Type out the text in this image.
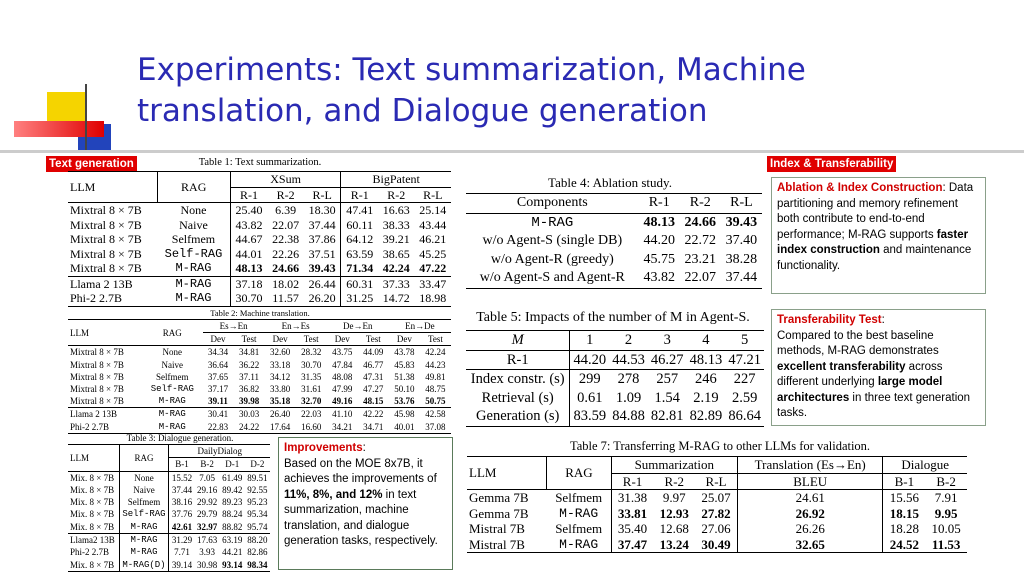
Experiments: Text summarization, Machine
translation, and Dialogue generation
Text generation	Index & Transferability
Table 1: Text summarization.
LLM	RAG	XSum			BigPatent		
		R-1	R-2	R-L	R-1	R-2	R-L
Mixtral 8 × 7B	None	25.40	6.39	18.30	47.41	16.63	25.14
Mixtral 8 × 7B	Naive	43.82	22.07	37.44	60.11	38.33	43.44
Mixtral 8 × 7B	Selfmem	44.67	22.38	37.86	64.12	39.21	46.21
Mixtral 8 × 7B	Self-RAG	44.01	22.26	37.51	63.59	38.65	45.25
Mixtral 8 × 7B	M-RAG	48.13	24.66	39.43	71.34	42.24	47.22
Llama 2 13B	M-RAG	37.18	18.02	26.44	60.31	37.33	33.47
Phi-2 2.7B	M-RAG	30.70	11.57	26.20	31.25	14.72	18.98
Table 2: Machine translation.
LLM	RAG	Es→En		En→Es		De→En		En→De	
		Dev	Test	Dev	Test	Dev	Test	Dev	Test
Mixtral 8 × 7B	None	34.34	34.81	32.60	28.32	43.75	44.09	43.78	42.24
Mixtral 8 × 7B	Naive	36.64	36.22	33.18	30.70	47.84	46.77	45.83	44.23
Mixtral 8 × 7B	Selfmem	37.65	37.11	34.12	31.35	48.08	47.31	51.38	49.81
Mixtral 8 × 7B	Self-RAG	37.17	36.82	33.80	31.61	47.99	47.27	50.10	48.75
Mixtral 8 × 7B	M-RAG	39.11	39.98	35.18	32.70	49.16	48.15	53.76	50.75
Llama 2 13B	M-RAG	30.41	30.03	26.40	22.03	41.10	42.22	45.98	42.58
Phi-2 2.7B	M-RAG	22.83	24.22	17.64	16.60	34.21	34.71	40.01	37.08
Table 3: Dialogue generation.
LLM	RAG	DailyDialog			
		B-1	B-2	D-1	D-2
Mix. 8 × 7B	None	15.52	7.05	61.49	89.51
Mix. 8 × 7B	Naive	37.44	29.16	89.42	92.55
Mix. 8 × 7B	Selfmem	38.16	29.92	89.23	95.23
Mix. 8 × 7B	Self-RAG	37.76	29.79	88.24	95.34
Mix. 8 × 7B	M-RAG	42.61	32.97	88.82	95.74
Llama2 13B	M-RAG	31.29	17.63	63.19	88.20
Phi-2 2.7B	M-RAG	7.71	3.93	44.21	82.86
Mix. 8 × 7B	M-RAG(D)	39.14	30.98	93.14	98.34
Improvements:
Based on the MOE 8x7B, it achieves the improvements of 11%, 8%, and 12% in text summarization, machine translation, and dialogue generation tasks, respectively.
Table 4: Ablation study.
Components	R-1	R-2	R-L
M-RAG	48.13	24.66	39.43
w/o Agent-S (single DB)	44.20	22.72	37.40
w/o Agent-R (greedy)	45.75	23.21	38.28
w/o Agent-S and Agent-R	43.82	22.07	37.44
Table 5: Impacts of the number of M in Agent-S.
M	1	2	3	4	5
R-1	44.20	44.53	46.27	48.13	47.21
Index constr. (s)	299	278	257	246	227
Retrieval (s)	0.61	1.09	1.54	2.19	2.59
Generation (s)	83.59	84.88	82.81	82.89	86.64
Table 7: Transferring M-RAG to other LLMs for validation.
LLM	RAG	Summarization			Translation (Es→En)	Dialogue	
		R-1	R-2	R-L	BLEU	B-1	B-2
Gemma 7B	Selfmem	31.38	9.97	25.07	24.61	15.56	7.91
Gemma 7B	M-RAG	33.81	12.93	27.82	26.92	18.15	9.95
Mistral 7B	Selfmem	35.40	12.68	27.06	26.26	18.28	10.05
Mistral 7B	M-RAG	37.47	13.24	30.49	32.65	24.52	11.53
Ablation & Index Construction: Data partitioning and memory refinement both contribute to end-to-end performance; M-RAG supports faster index construction and maintenance functionality.
Transferability Test:
Compared to the best baseline methods, M-RAG demonstrates excellent transferability across different underlying large model architectures in three text generation tasks.
